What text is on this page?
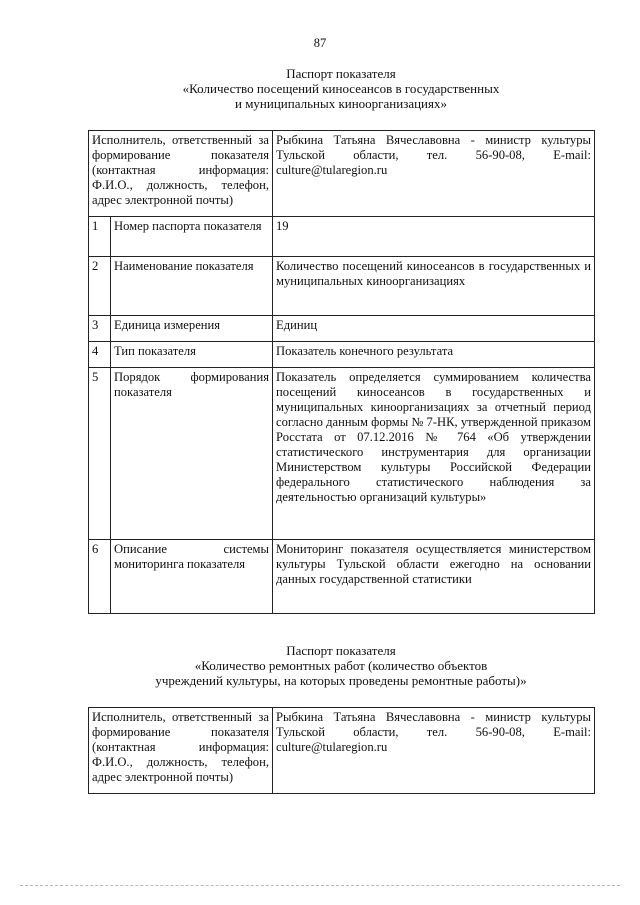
87
Паспорт показателя
«Количество посещений киносеансов в государственных
и муниципальных киноорганизациях»
Исполнитель, ответственный за формирование показателя (контактная информация: Ф.И.О., должность, телефон, адрес электронной почты)		Рыбкина Татьяна Вячеславовна - министр культуры Тульской области, тел. 56-90-08, E-mail: culture@tularegion.ru
1	Номер паспорта показателя	19
2	Наименование показателя	Количество посещений киносеансов в государственных и муниципальных киноорганизациях
3	Единица измерения	Единиц
4	Тип показателя	Показатель конечного результата
5	Порядок формирования показателя	Показатель определяется суммированием количества посещений киносеансов в государственных и муниципальных киноорганизациях за отчетный период согласно данным формы № 7-НК, утвержденной приказом Росстата от 07.12.2016 № 764 «Об утверждении статистического инструментария для организации Министерством культуры Российской Федерации федерального статистического наблюдения за деятельностью организаций культуры»
6	Описание системы мониторинга показателя	Мониторинг показателя осуществляется министерством культуры Тульской области ежегодно на основании данных государственной статистики
Паспорт показателя
«Количество ремонтных работ (количество объектов
учреждений культуры, на которых проведены ремонтные работы)»
Исполнитель, ответственный за формирование показателя (контактная информация: Ф.И.О., должность, телефон, адрес электронной почты)	Рыбкина Татьяна Вячеславовна - министр культуры Тульской области, тел. 56-90-08, E-mail: culture@tularegion.ru
